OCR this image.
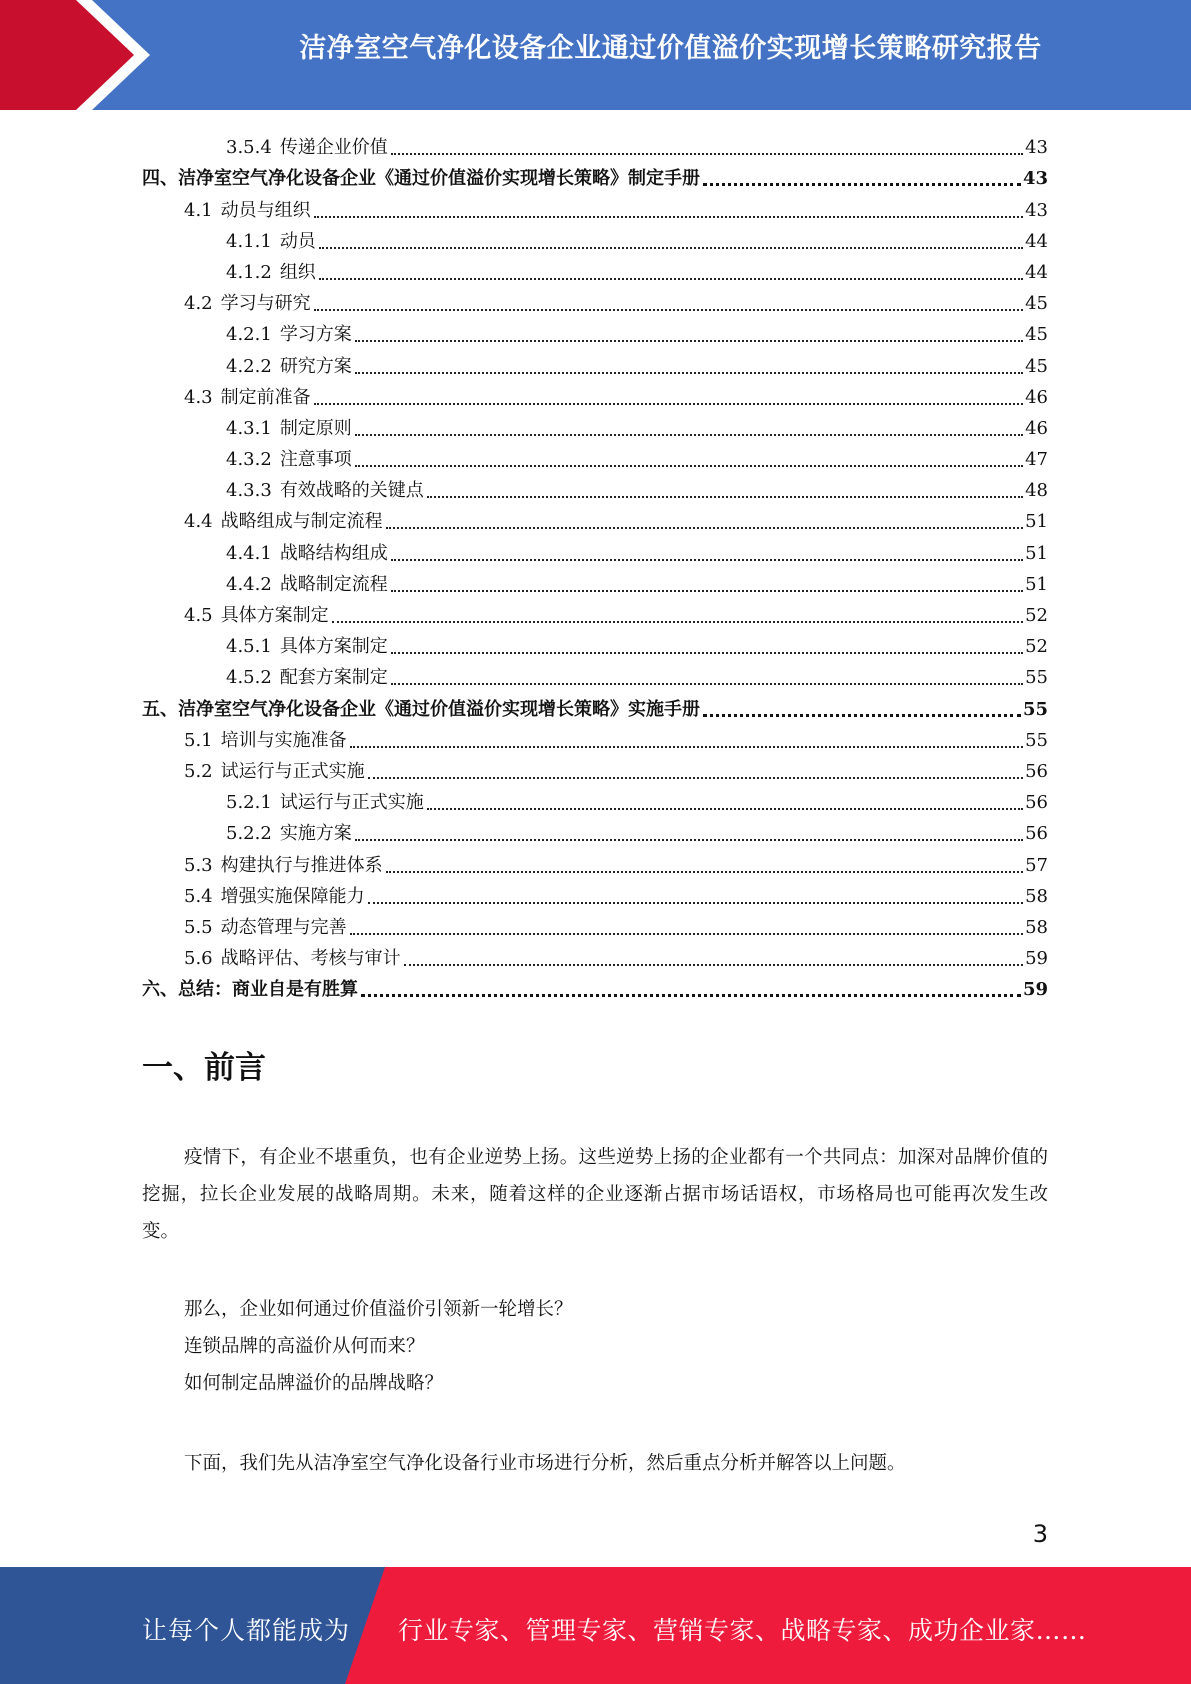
洁净室空气净化设备企业通过价值溢价实现增长策略研究报告
3.5.4 传递企业价值	43
四、洁净室空气净化设备企业《通过价值溢价实现增长策略》制定手册	43
4.1 动员与组织	43
4.1.1 动员	44
4.1.2 组织	44
4.2 学习与研究	45
4.2.1 学习方案	45
4.2.2 研究方案	45
4.3 制定前准备	46
4.3.1 制定原则	46
4.3.2 注意事项	47
4.3.3 有效战略的关键点	48
4.4 战略组成与制定流程	51
4.4.1 战略结构组成	51
4.4.2 战略制定流程	51
4.5 具体方案制定	52
4.5.1 具体方案制定	52
4.5.2 配套方案制定	55
五、洁净室空气净化设备企业《通过价值溢价实现增长策略》实施手册	55
5.1 培训与实施准备	55
5.2 试运行与正式实施	56
5.2.1 试运行与正式实施	56
5.2.2 实施方案	56
5.3 构建执行与推进体系	57
5.4 增强实施保障能力	58
5.5 动态管理与完善	58
5.6 战略评估、考核与审计	59
六、总结：商业自是有胜算	59
一、前言

疫情下，有企业不堪重负，也有企业逆势上扬。这些逆势上扬的企业都有一个共同点：加深对品牌价值的挖掘，拉长企业发展的战略周期。未来，随着这样的企业逐渐占据市场话语权，市场格局也可能再次发生改变。

那么，企业如何通过价值溢价引领新一轮增长？
连锁品牌的高溢价从何而来？
如何制定品牌溢价的品牌战略？

下面，我们先从洁净室空气净化设备行业市场进行分析，然后重点分析并解答以上问题。

3
让每个人都能成为 行业专家、管理专家、营销专家、战略专家、成功企业家……
